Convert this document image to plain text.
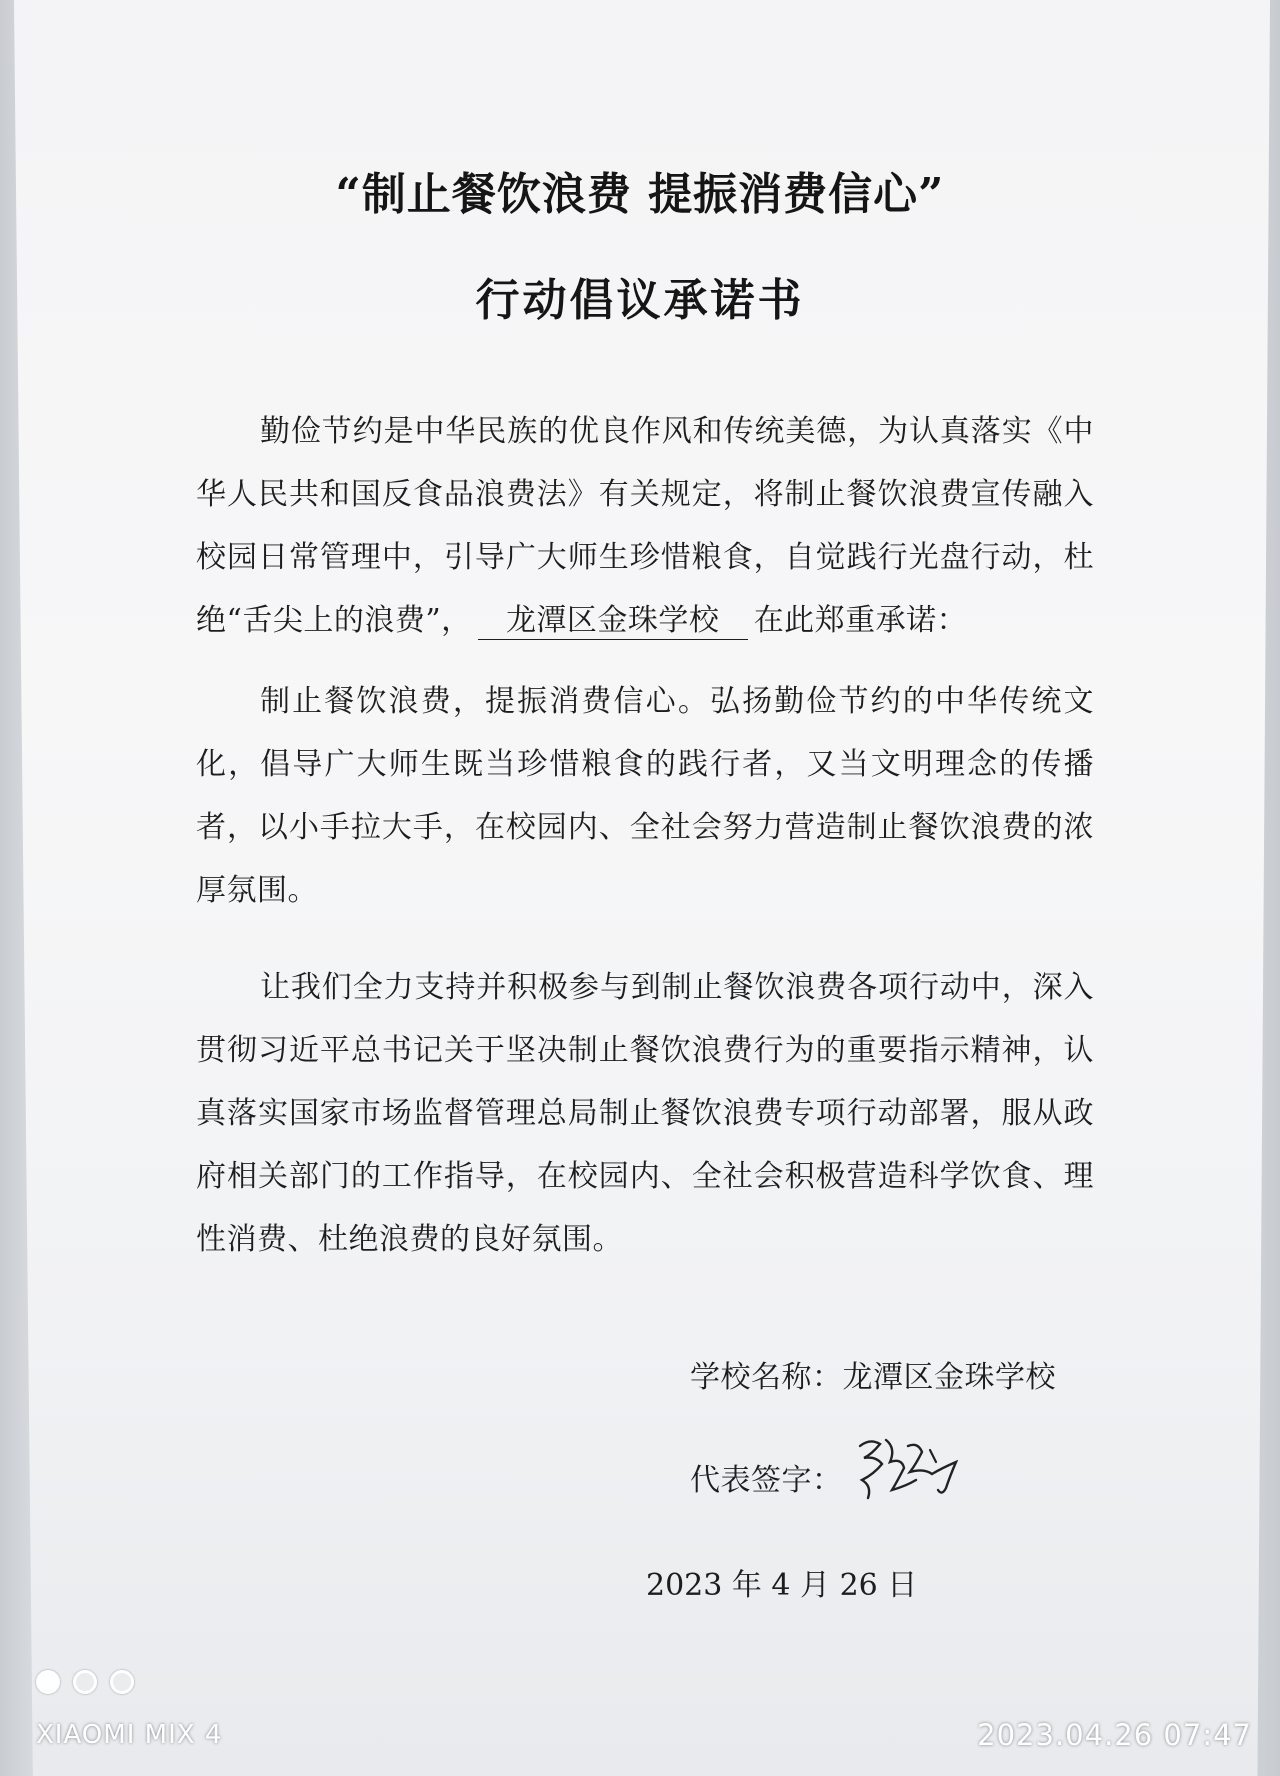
“制止餐饮浪费 提振消费信心”
行动倡议承诺书
勤俭节约是中华民族的优良作风和传统美德，为认真落实《中华人民共和国反食品浪费法》有关规定，将制止餐饮浪费宣传融入校园日常管理中，引导广大师生珍惜粮食，自觉践行光盘行动，杜绝“舌尖上的浪费”， 龙潭区金珠学校 在此郑重承诺：
制止餐饮浪费，提振消费信心。弘扬勤俭节约的中华传统文化，倡导广大师生既当珍惜粮食的践行者，又当文明理念的传播者，以小手拉大手，在校园内、全社会努力营造制止餐饮浪费的浓厚氛围。
让我们全力支持并积极参与到制止餐饮浪费各项行动中，深入贯彻习近平总书记关于坚决制止餐饮浪费行为的重要指示精神，认真落实国家市场监督管理总局制止餐饮浪费专项行动部署，服从政府相关部门的工作指导，在校园内、全社会积极营造科学饮食、理性消费、杜绝浪费的良好氛围。
学校名称：龙潭区金珠学校
代表签字：
2023 年 4 月 26 日
XIAOMI MIX 4	2023.04.26 07:47
